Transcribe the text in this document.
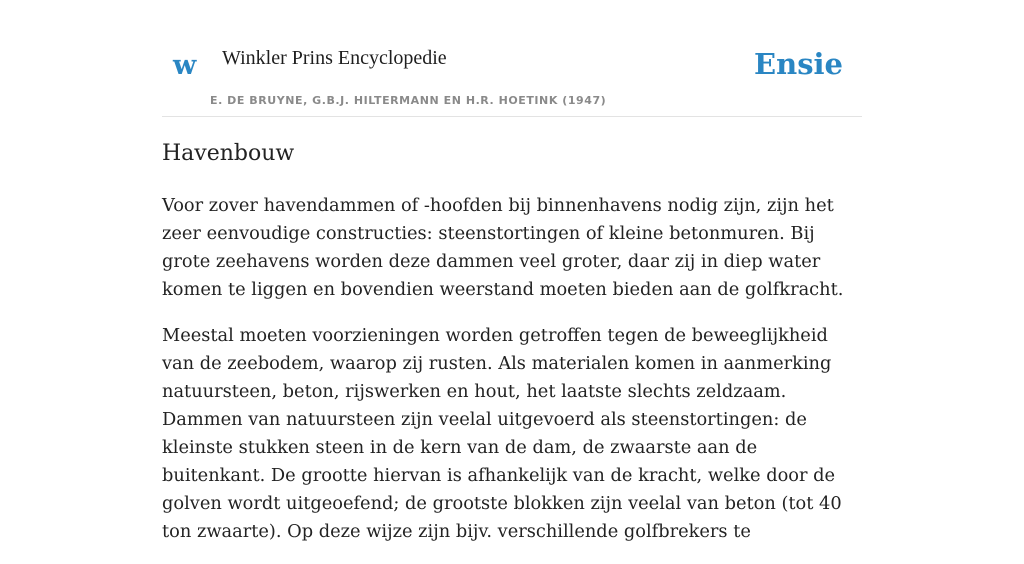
w Winkler Prins Encyclopedie
E. DE BRUYNE, G.B.J. HILTERMANN EN H.R. HOETINK (1947)
Ensie
Havenbouw

Voor zover havendammen of -hoofden bij binnenhavens nodig zijn, zijn het zeer eenvoudige constructies: steenstortingen of kleine betonmuren. Bij grote zeehavens worden deze dammen veel groter, daar zij in diep water komen te liggen en bovendien weerstand moeten bieden aan de golfkracht.

Meestal moeten voorzieningen worden getroffen tegen de beweeglijkheid van de zeebodem, waarop zij rusten. Als materialen komen in aanmerking natuursteen, beton, rijswerken en hout, het laatste slechts zeldzaam. Dammen van natuursteen zijn veelal uitgevoerd als steenstortingen: de kleinste stukken steen in de kern van de dam, de zwaarste aan de buitenkant. De grootte hiervan is afhankelijk van de kracht, welke door de golven wordt uitgeoefend; de grootste blokken zijn veelal van beton (tot 40 ton zwaarte). Op deze wijze zijn bijv. verschillende golfbrekers te
